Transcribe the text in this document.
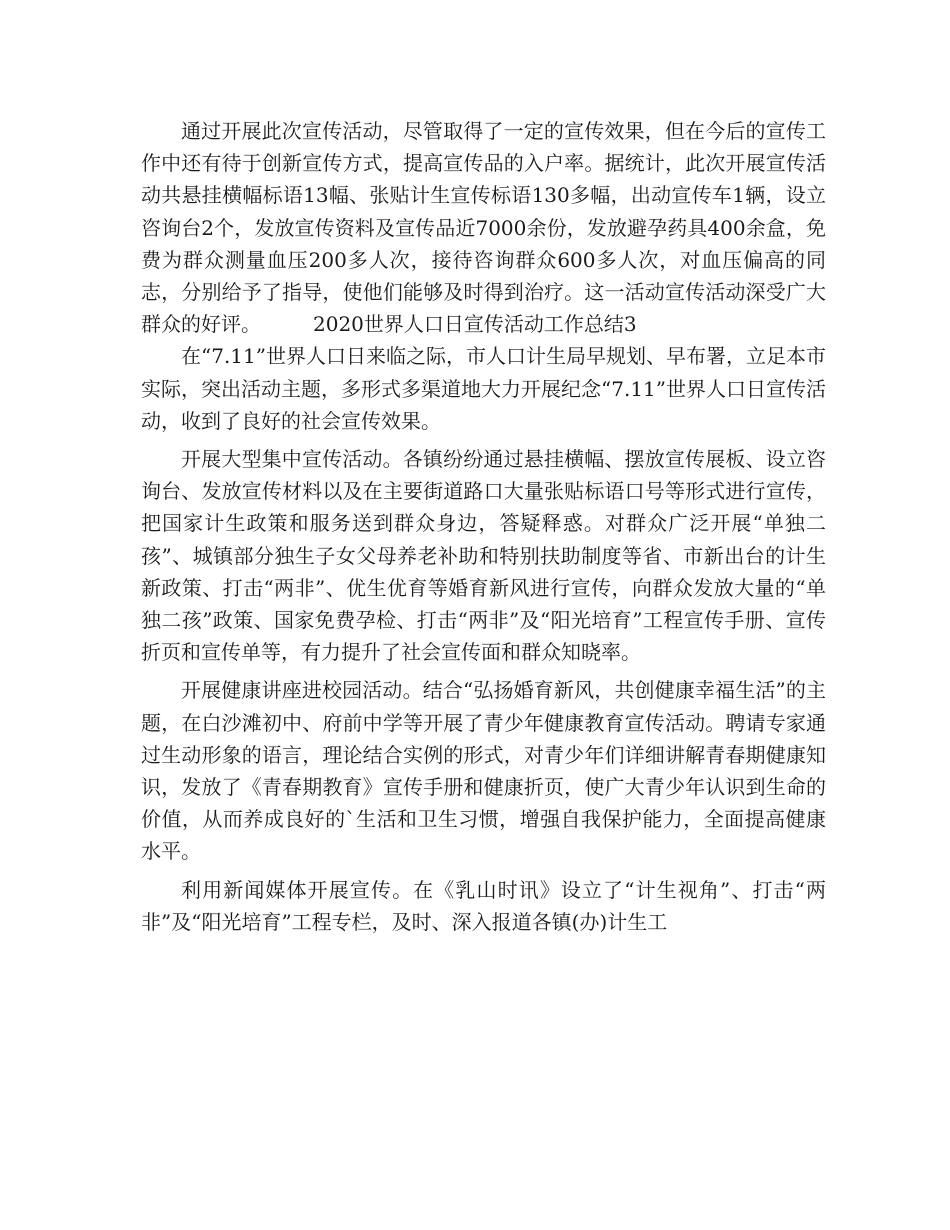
通过开展此次宣传活动，尽管取得了一定的宣传效果，但在今后的宣传工作中还有待于创新宣传方式，提高宣传品的入户率。据统计，此次开展宣传活动共悬挂横幅标语13幅、张贴计生宣传标语130多幅，出动宣传车1辆，设立咨询台2个，发放宣传资料及宣传品近7000余份，发放避孕药具400余盒，免费为群众测量血压200多人次，接待咨询群众600多人次，对血压偏高的同志，分别给予了指导，使他们能够及时得到治疗。这一活动宣传活动深受广大群众的好评。	2020世界人口日宣传活动工作总结3

在“7.11”世界人口日来临之际，市人口计生局早规划、早布署，立足本市实际，突出活动主题，多形式多渠道地大力开展纪念“7.11”世界人口日宣传活动，收到了良好的社会宣传效果。

开展大型集中宣传活动。各镇纷纷通过悬挂横幅、摆放宣传展板、设立咨询台、发放宣传材料以及在主要街道路口大量张贴标语口号等形式进行宣传，把国家计生政策和服务送到群众身边，答疑释惑。对群众广泛开展“单独二孩”、城镇部分独生子女父母养老补助和特别扶助制度等省、市新出台的计生新政策、打击“两非”、优生优育等婚育新风进行宣传，向群众发放大量的“单独二孩”政策、国家免费孕检、打击“两非”及“阳光培育”工程宣传手册、宣传折页和宣传单等，有力提升了社会宣传面和群众知晓率。

开展健康讲座进校园活动。结合“弘扬婚育新风，共创健康幸福生活”的主题，在白沙滩初中、府前中学等开展了青少年健康教育宣传活动。聘请专家通过生动形象的语言，理论结合实例的形式，对青少年们详细讲解青春期健康知识，发放了《青春期教育》宣传手册和健康折页，使广大青少年认识到生命的价值，从而养成良好的`生活和卫生习惯，增强自我保护能力，全面提高健康水平。

利用新闻媒体开展宣传。在《乳山时讯》设立了“计生视角”、打击“两非”及“阳光培育”工程专栏，及时、深入报道各镇(办)计生工
